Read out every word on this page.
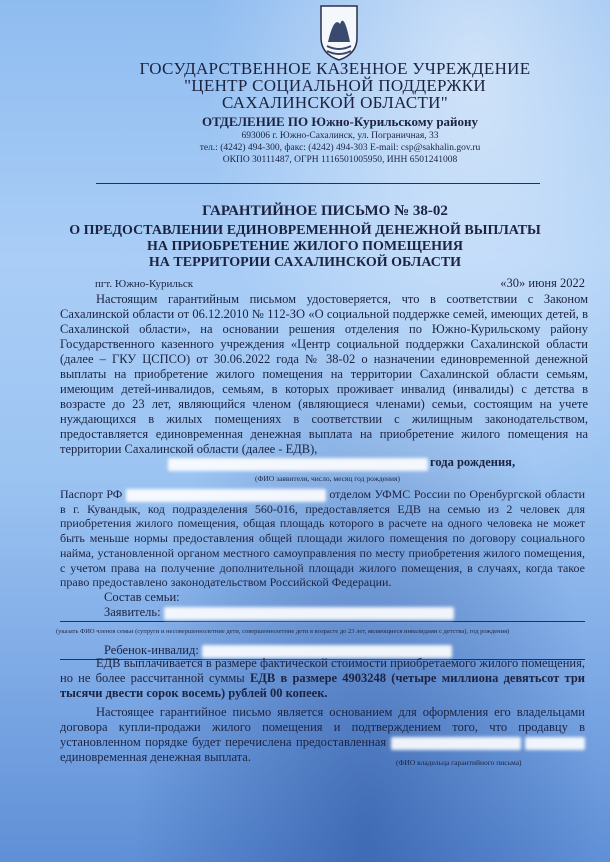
ГОСУДАРСТВЕННОЕ КАЗЕННОЕ УЧРЕЖДЕНИЕ
"ЦЕНТР СОЦИАЛЬНОЙ ПОДДЕРЖКИ
САХАЛИНСКОЙ ОБЛАСТИ"
ОТДЕЛЕНИЕ ПО Южно-Курильскому району
693006 г. Южно-Сахалинск, ул. Пограничная, 33
тел.: (4242) 494-300, факс: (4242) 494-303 E-mail: csp@sakhalin.gov.ru
ОКПО 30111487, ОГРН 1116501005950, ИНН 6501241008
ГАРАНТИЙНОЕ ПИСЬМО № 38-02
О ПРЕДОСТАВЛЕНИИ ЕДИНОВРЕМЕННОЙ ДЕНЕЖНОЙ ВЫПЛАТЫ
НА ПРИОБРЕТЕНИЕ ЖИЛОГО ПОМЕЩЕНИЯ
НА ТЕРРИТОРИИ САХАЛИНСКОЙ ОБЛАСТИ
пгт. Южно-Курильск	«30» июня 2022

Настоящим гарантийным письмом удостоверяется, что в соответствии с Законом Сахалинской области от 06.12.2010 № 112-ЗО «О социальной поддержке семей, имеющих детей, в Сахалинской области», на основании решения отделения по Южно-Курильскому району Государственного казенного учреждения «Центр социальной поддержки Сахалинской области (далее – ГКУ ЦСПСО) от 30.06.2022 года № 38-02 о назначении единовременной денежной выплаты на приобретение жилого помещения на территории Сахалинской области семьям, имеющим детей-инвалидов, семьям, в которых проживает инвалид (инвалиды) с детства в возрасте до 23 лет, являющийся членом (являющиеся членами) семьи, состоящим на учете нуждающихся в жилых помещениях в соответствии с жилищным законодательством, предоставляется единовременная денежная выплата на приобретение жилого помещения на территории Сахалинской области (далее - ЕДВ),

года рождения,
(ФИО заявителя, число, месяц год рождения)
Паспорт РФ	отделом УФМС России по Оренбургской области в г. Кувандык, код подразделения 560-016, предоставляется ЕДВ на семью из 2 человек для приобретения жилого помещения, общая площадь которого в расчете на одного человека не может быть меньше нормы предоставления общей площади жилого помещения по договору социального найма, установленной органом местного самоуправления по месту приобретения жилого помещения, с учетом права на получение дополнительной площади жилого помещения, в случаях, когда такое право предоставлено законодательством Российской Федерации.
Состав семьи:
Заявитель:
(указать ФИО членов семьи (супруги и несовершеннолетние дети, совершеннолетние дети в возрасте до 23 лет, являющиеся инвалидами с детства), год рождения)
Ребенок-инвалид:

ЕДВ выплачивается в размере фактической стоимости приобретаемого жилого помещения, но не более рассчитанной суммы ЕДВ в размере 4903248 (четыре миллиона девятьсот три тысячи двести сорок восемь) рублей 00 копеек.

Настоящее гарантийное письмо является основанием для оформления его владельцами договора купли-продажи жилого помещения и подтверждением того, что продавцу в установленном порядке будет перечислена предоставленная   единовременная денежная выплата.	(ФИО владельца гарантийного письма)
